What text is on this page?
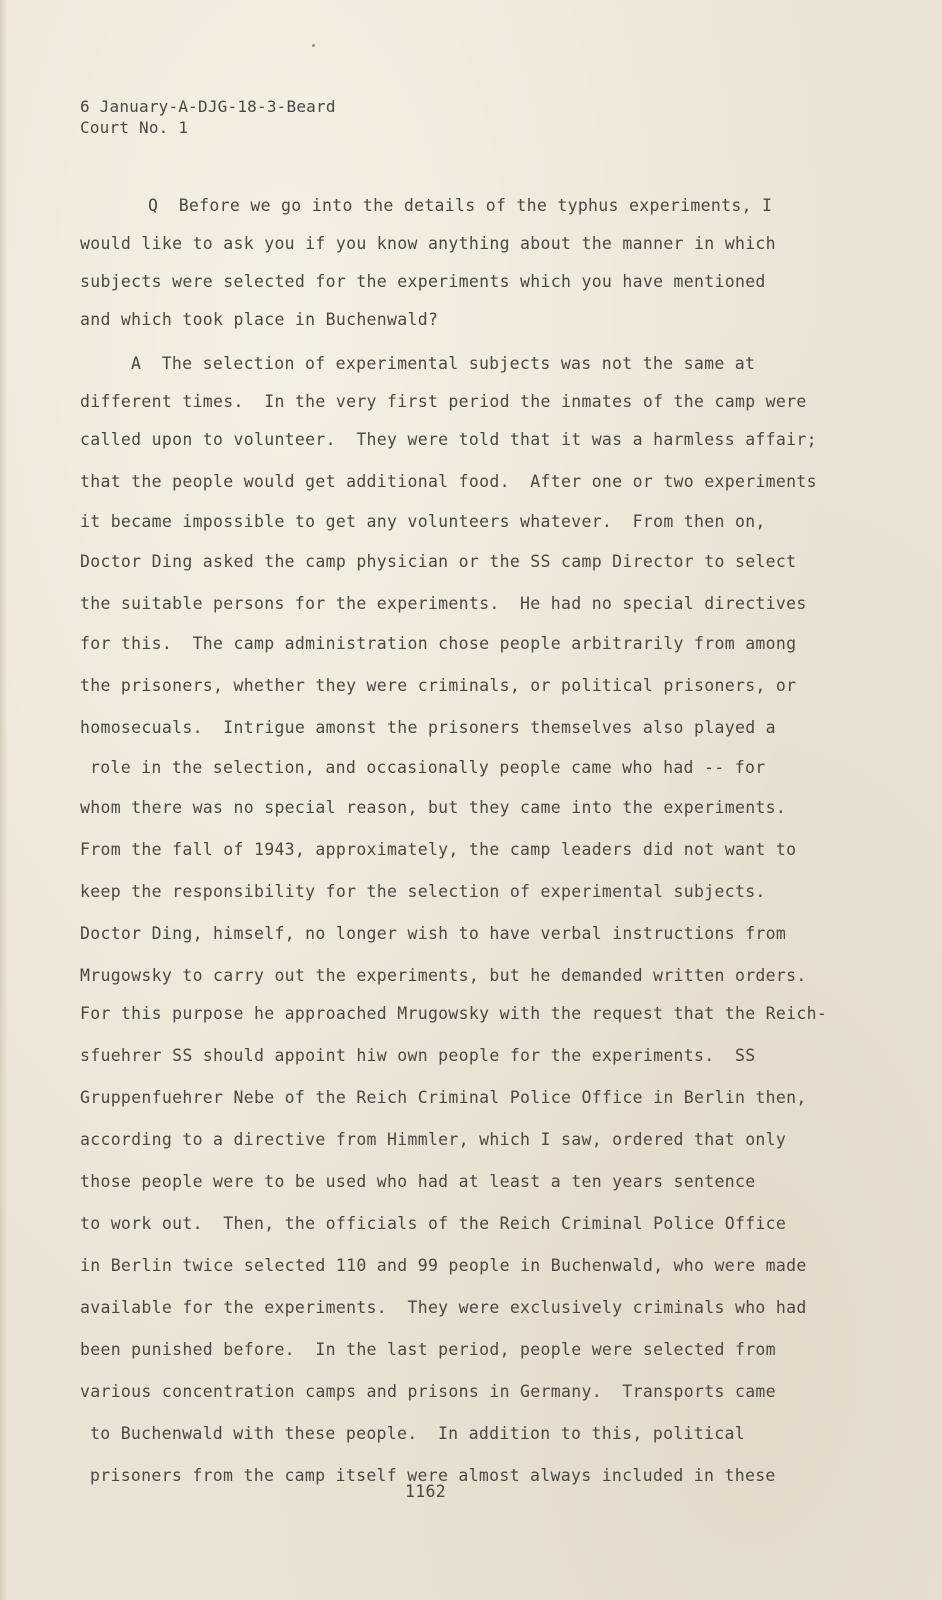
6 January-A-DJG-18-3-Beard
Court No. 1
Q  Before we go into the details of the typhus experiments, I
would like to ask you if you know anything about the manner in which
subjects were selected for the experiments which you have mentioned
and which took place in Buchenwald?
A  The selection of experimental subjects was not the same at
different times.  In the very first period the inmates of the camp were
called upon to volunteer.  They were told that it was a harmless affair;
that the people would get additional food.  After one or two experiments
it became impossible to get any volunteers whatever.  From then on,
Doctor Ding asked the camp physician or the SS camp Director to select
the suitable persons for the experiments.  He had no special directives
for this.  The camp administration chose people arbitrarily from among
the prisoners, whether they were criminals, or political prisoners, or
homosecuals.  Intrigue amonst the prisoners themselves also played a
role in the selection, and occasionally people came who had -- for
whom there was no special reason, but they came into the experiments.
From the fall of 1943, approximately, the camp leaders did not want to
keep the responsibility for the selection of experimental subjects.
Doctor Ding, himself, no longer wish to have verbal instructions from
Mrugowsky to carry out the experiments, but he demanded written orders.
For this purpose he approached Mrugowsky with the request that the Reich-
sfuehrer SS should appoint hiw own people for the experiments.  SS
Gruppenfuehrer Nebe of the Reich Criminal Police Office in Berlin then,
according to a directive from Himmler, which I saw, ordered that only
those people were to be used who had at least a ten years sentence
to work out.  Then, the officials of the Reich Criminal Police Office
in Berlin twice selected 110 and 99 people in Buchenwald, who were made
available for the experiments.  They were exclusively criminals who had
been punished before.  In the last period, people were selected from
various concentration camps and prisons in Germany.  Transports came
to Buchenwald with these people.  In addition to this, political
prisoners from the camp itself were almost always included in these
1162
